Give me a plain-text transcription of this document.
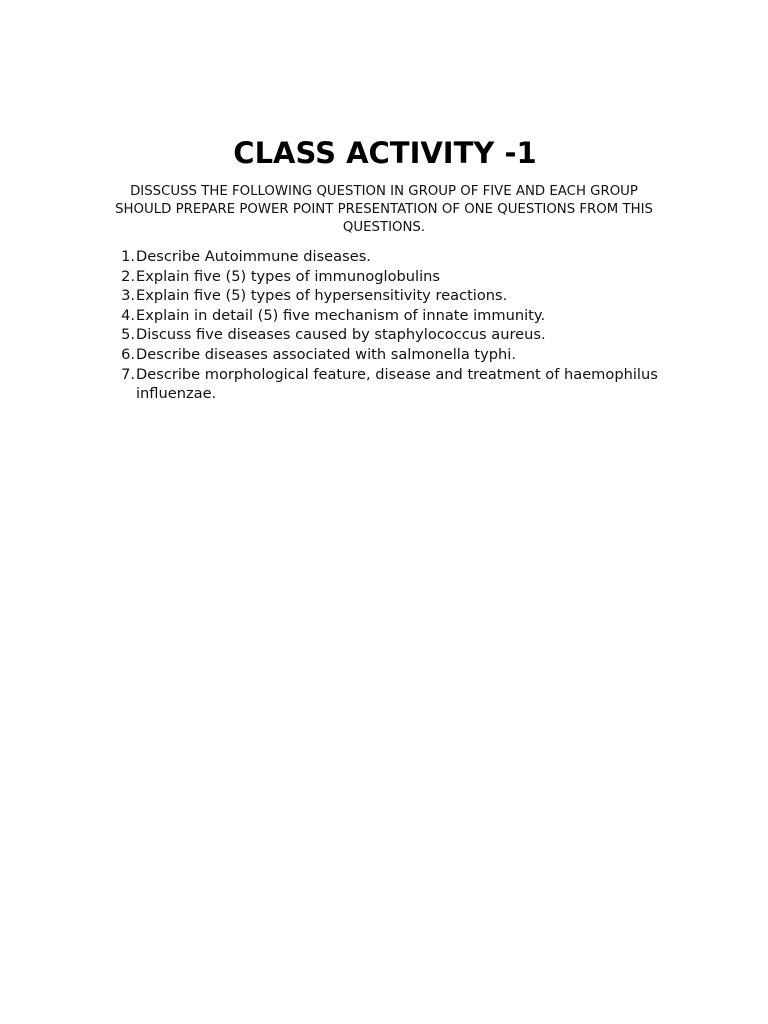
CLASS ACTIVITY -1

DISSCUSS THE FOLLOWING QUESTION IN GROUP OF FIVE AND EACH GROUP SHOULD PREPARE POWER POINT PRESENTATION OF ONE QUESTIONS FROM THIS QUESTIONS.

1. Describe Autoimmune diseases.
2. Explain five (5) types of immunoglobulins
3. Explain five (5) types of hypersensitivity reactions.
4. Explain in detail (5) five mechanism of innate immunity.
5. Discuss five diseases caused by staphylococcus aureus.
6. Describe diseases associated with salmonella typhi.
7. Describe morphological feature, disease and treatment of haemophilus influenzae.
